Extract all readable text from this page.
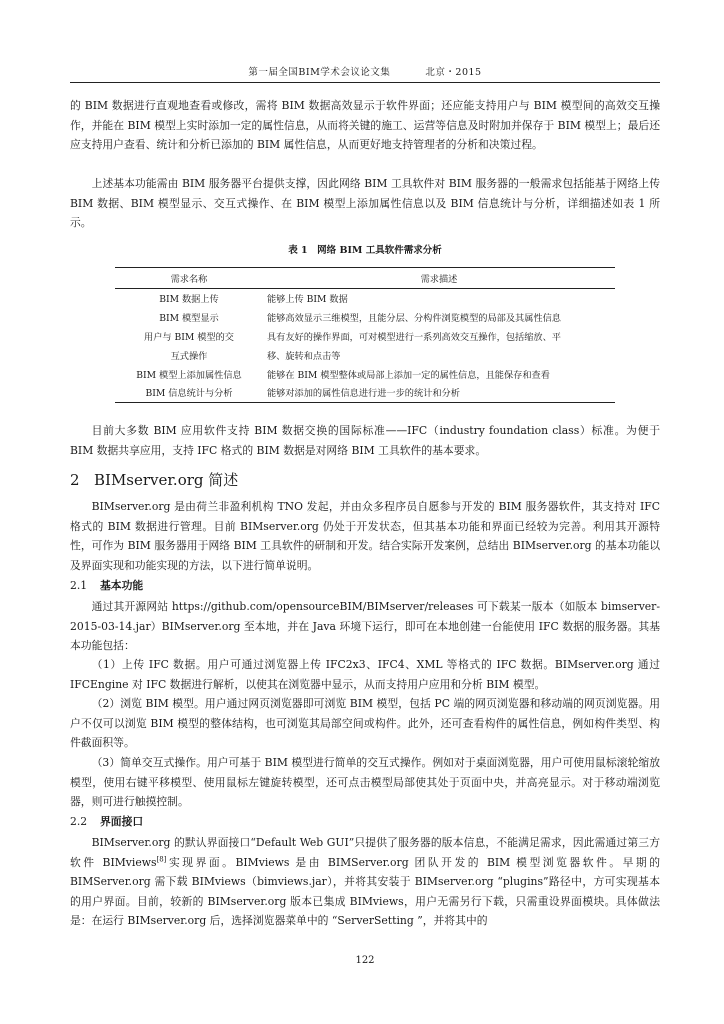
第一届全国BIM学术会议论文集	北京・2015

的 BIM 数据进行直观地查看或修改，需将 BIM 数据高效显示于软件界面；还应能支持用户与 BIM 模型间的高效交互操作，并能在 BIM 模型上实时添加一定的属性信息，从而将关键的施工、运营等信息及时附加并保存于 BIM 模型上；最后还应支持用户查看、统计和分析已添加的 BIM 属性信息，从而更好地支持管理者的分析和决策过程。

上述基本功能需由 BIM 服务器平台提供支撑，因此网络 BIM 工具软件对 BIM 服务器的一般需求包括能基于网络上传 BIM 数据、BIM 模型显示、交互式操作、在 BIM 模型上添加属性信息以及 BIM 信息统计与分析，详细描述如表 1 所示。

表 1　网络 BIM 工具软件需求分析
需求名称	需求描述
BIM 数据上传	能够上传 BIM 数据
BIM 模型显示	能够高效显示三维模型，且能分层、分构件浏览模型的局部及其属性信息
用户与 BIM 模型的交	具有友好的操作界面，可对模型进行一系列高效交互操作，包括缩放、平
互式操作	移、旋转和点击等
BIM 模型上添加属性信息	能够在 BIM 模型整体或局部上添加一定的属性信息，且能保存和查看
BIM 信息统计与分析	能够对添加的属性信息进行进一步的统计和分析

目前大多数 BIM 应用软件支持 BIM 数据交换的国际标准——IFC（industry foundation class）标准。为便于 BIM 数据共享应用，支持 IFC 格式的 BIM 数据是对网络 BIM 工具软件的基本要求。

2 BIMserver.org 简述

BIMserver.org 是由荷兰非盈利机构 TNO 发起，并由众多程序员自愿参与开发的 BIM 服务器软件，其支持对 IFC 格式的 BIM 数据进行管理。目前 BIMserver.org 仍处于开发状态，但其基本功能和界面已经较为完善。利用其开源特性，可作为 BIM 服务器用于网络 BIM 工具软件的研制和开发。结合实际开发案例，总结出 BIMserver.org 的基本功能以及界面实现和功能实现的方法，以下进行简单说明。

2.1 基本功能

通过其开源网站 https://github.com/opensourceBIM/BIMserver/releases 可下载某一版本（如版本 bimserver-2015-03-14.jar）BIMserver.org 至本地，并在 Java 环境下运行，即可在本地创建一台能使用 IFC 数据的服务器。其基本功能包括：

（1）上传 IFC 数据。用户可通过浏览器上传 IFC2x3、IFC4、XML 等格式的 IFC 数据。BIMserver.org 通过 IFCEngine 对 IFC 数据进行解析，以使其在浏览器中显示，从而支持用户应用和分析 BIM 模型。

（2）浏览 BIM 模型。用户通过网页浏览器即可浏览 BIM 模型，包括 PC 端的网页浏览器和移动端的网页浏览器。用户不仅可以浏览 BIM 模型的整体结构，也可浏览其局部空间或构件。此外，还可查看构件的属性信息，例如构件类型、构件截面积等。

（3）简单交互式操作。用户可基于 BIM 模型进行简单的交互式操作。例如对于桌面浏览器，用户可使用鼠标滚轮缩放模型，使用右键平移模型、使用鼠标左键旋转模型，还可点击模型局部使其处于页面中央，并高亮显示。对于移动端浏览器，则可进行触摸控制。

2.2 界面接口

BIMserver.org 的默认界面接口“Default Web GUI”只提供了服务器的版本信息，不能满足需求，因此需通过第三方软件 BIMviews[8]实现界面。BIMviews 是由 BIMServer.org 团队开发的 BIM 模型浏览器软件。早期的 BIMServer.org 需下载 BIMviews（bimviews.jar），并将其安装于 BIMserver.org “plugins”路径中，方可实现基本的用户界面。目前，较新的 BIMserver.org 版本已集成 BIMviews，用户无需另行下载，只需重设界面模块。具体做法是：在运行 BIMserver.org 后，选择浏览器菜单中的 “ServerSetting ”，并将其中的

122
